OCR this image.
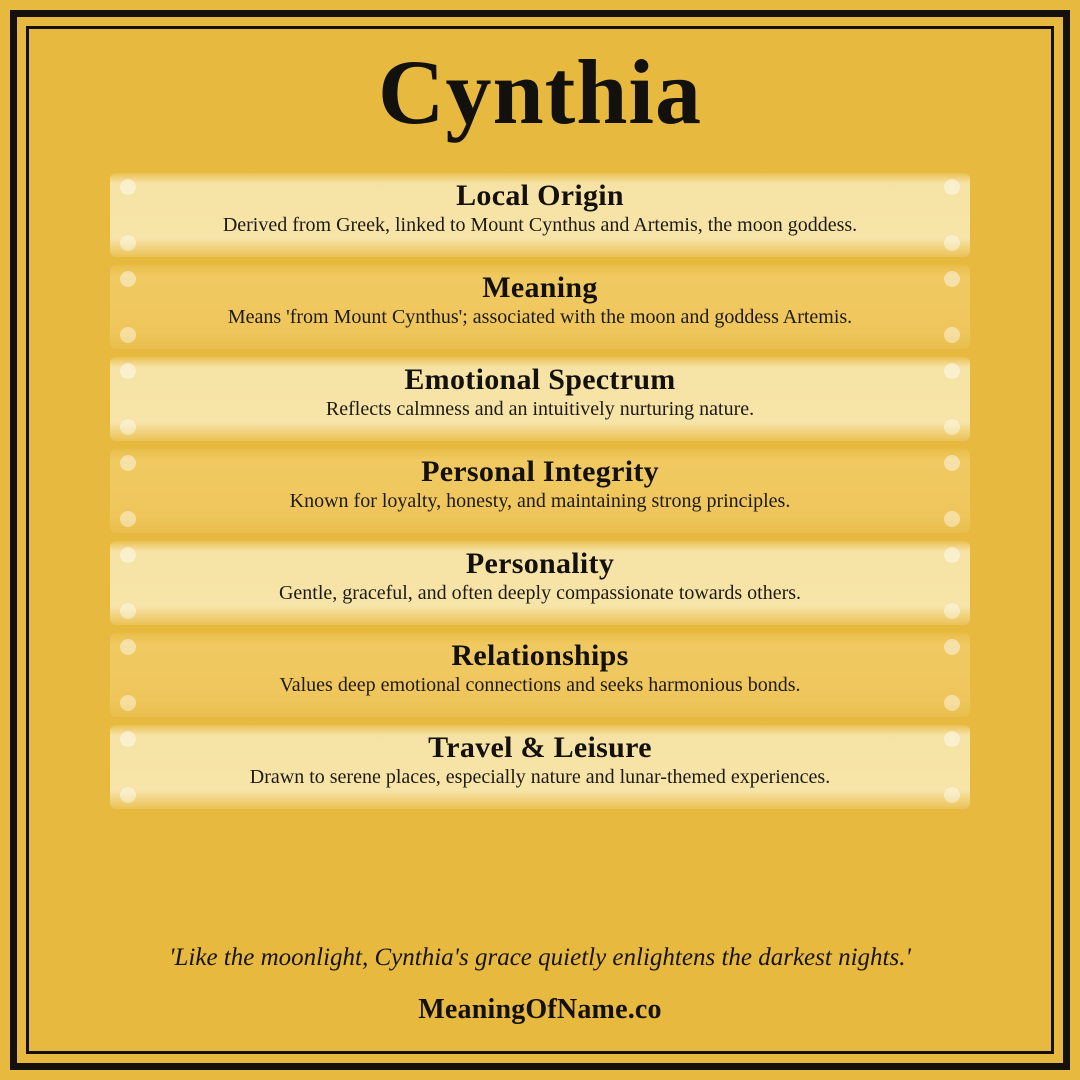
Cynthia
Local Origin
Derived from Greek, linked to Mount Cynthus and Artemis, the moon goddess.
Meaning
Means 'from Mount Cynthus'; associated with the moon and goddess Artemis.
Emotional Spectrum
Reflects calmness and an intuitively nurturing nature.
Personal Integrity
Known for loyalty, honesty, and maintaining strong principles.
Personality
Gentle, graceful, and often deeply compassionate towards others.
Relationships
Values deep emotional connections and seeks harmonious bonds.
Travel & Leisure
Drawn to serene places, especially nature and lunar-themed experiences.
'Like the moonlight, Cynthia's grace quietly enlightens the darkest nights.'
MeaningOfName.co
